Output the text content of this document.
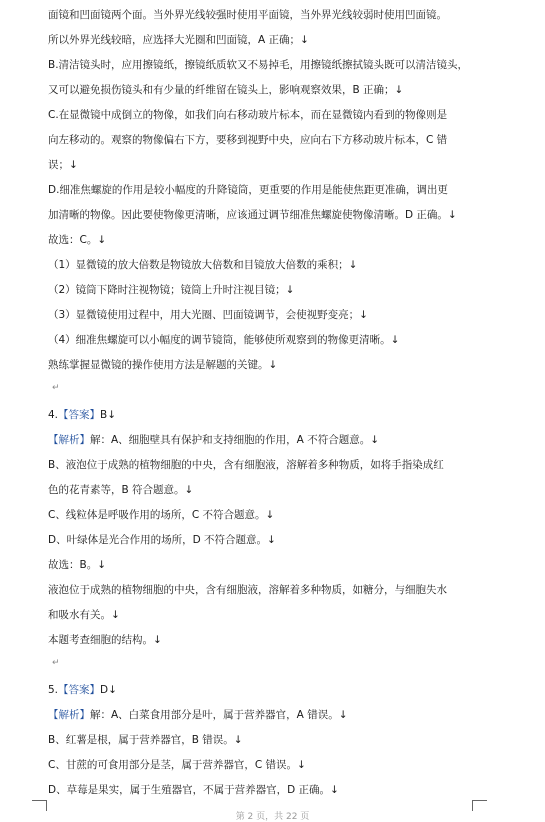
面镜和凹面镜两个面。当外界光线较强时使用平面镜，当外界光线较弱时使用凹面镜。
所以外界光线较暗，应选择大光圈和凹面镜，A 正确；↓
B.清洁镜头时，应用擦镜纸，擦镜纸质软又不易掉毛，用擦镜纸擦拭镜头既可以清洁镜头，
又可以避免损伤镜头和有少量的纤维留在镜头上，影响观察效果，B 正确；↓
C.在显微镜中成倒立的物像，如我们向右移动玻片标本，而在显微镜内看到的物像则是
向左移动的。观察的物像偏右下方，要移到视野中央，应向右下方移动玻片标本，C 错
误；↓
D.细准焦螺旋的作用是较小幅度的升降镜筒，更重要的作用是能使焦距更准确，调出更
加清晰的物像。因此要使物像更清晰，应该通过调节细准焦螺旋使物像清晰。D 正确。↓
故选：C。↓
（1）显微镜的放大倍数是物镜放大倍数和目镜放大倍数的乘积；↓
（2）镜筒下降时注视物镜；镜筒上升时注视目镜；↓
（3）显微镜使用过程中，用大光圈、凹面镜调节，会使视野变亮；↓
（4）细准焦螺旋可以小幅度的调节镜筒，能够使所观察到的物像更清晰。↓
熟练掌握显微镜的操作使用方法是解题的关键。↓
4.【答案】B↓
【解析】解：A、细胞壁具有保护和支持细胞的作用，A 不符合题意。↓
B、液泡位于成熟的植物细胞的中央，含有细胞液，溶解着多种物质，如将手指染成红
色的花青素等，B 符合题意。↓
C、线粒体是呼吸作用的场所，C 不符合题意。↓
D、叶绿体是光合作用的场所，D 不符合题意。↓
故选：B。↓
液泡位于成熟的植物细胞的中央，含有细胞液，溶解着多种物质，如糖分，与细胞失水
和吸水有关。↓
本题考查细胞的结构。↓
5.【答案】D↓
【解析】解：A、白菜食用部分是叶，属于营养器官，A 错误。↓
B、红薯是根，属于营养器官，B 错误。↓
C、甘蔗的可食用部分是茎，属于营养器官，C 错误。↓
D、草莓是果实，属于生殖器官，不属于营养器官，D 正确。↓
↵
↵
第 2 页，共 22 页
